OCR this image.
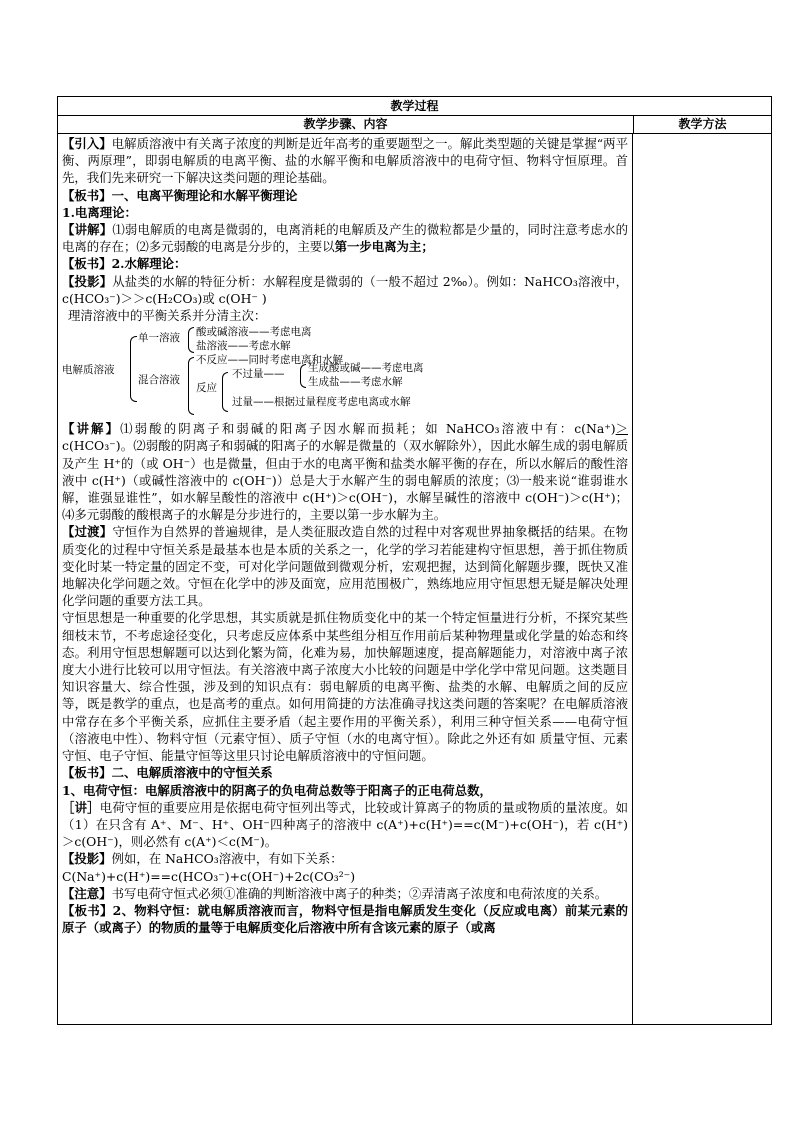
教学过程
教学步骤、内容	教学方法

【引入】电解质溶液中有关离子浓度的判断是近年高考的重要题型之一。解此类型题的关键是掌握“两平衡、两原理”，即弱电解质的电离平衡、盐的水解平衡和电解质溶液中的电荷守恒、物料守恒原理。首先，我们先来研究一下解决这类问题的理论基础。

【板书】一、电离平衡理论和水解平衡理论

1.电离理论：

【讲解】⑴弱电解质的电离是微弱的，电离消耗的电解质及产生的微粒都是少量的，同时注意考虑水的电离的存在；⑵多元弱酸的电离是分步的，主要以第一步电离为主；

【板书】2.水解理论：

【投影】从盐类的水解的特征分析：水解程度是微弱的（一般不超过 2‰）。例如：NaHCO₃溶液中，c(HCO₃⁻)＞＞c(H₂CO₃)或 c(OH⁻ )

理清溶液中的平衡关系并分清主次：

电解质溶液
单一溶液 酸或碱溶液——考虑电离
盐溶液——考虑水解
混合溶液
不反应——同时考虑电离和水解
反应
不过量—— 生成酸或碱——考虑电离
生成盐——考虑水解
过量——根据过量程度考虑电离或水解

【讲解】⑴弱酸的阴离子和弱碱的阳离子因水解而损耗；如 NaHCO₃溶液中有：c(Na⁺)＞c(HCO₃⁻)。⑵弱酸的阴离子和弱碱的阳离子的水解是微量的（双水解除外），因此水解生成的弱电解质及产生 H⁺的（或 OH⁻）也是微量，但由于水的电离平衡和盐类水解平衡的存在，所以水解后的酸性溶液中 c(H⁺)（或碱性溶液中的 c(OH⁻)）总是大于水解产生的弱电解质的浓度；⑶一般来说“谁弱谁水解，谁强显谁性”，如水解呈酸性的溶液中 c(H⁺)＞c(OH⁻)，水解呈碱性的溶液中 c(OH⁻)＞c(H⁺)；⑷多元弱酸的酸根离子的水解是分步进行的，主要以第一步水解为主。

【过渡】守恒作为自然界的普遍规律，是人类征服改造自然的过程中对客观世界抽象概括的结果。在物质变化的过程中守恒关系是最基本也是本质的关系之一，化学的学习若能建构守恒思想，善于抓住物质变化时某一特定量的固定不变，可对化学问题做到微观分析，宏观把握，达到简化解题步骤，既快又准地解决化学问题之效。守恒在化学中的涉及面宽，应用范围极广，熟练地应用守恒思想无疑是解决处理化学问题的重要方法工具。

守恒思想是一种重要的化学思想，其实质就是抓住物质变化中的某一个特定恒量进行分析，不探究某些细枝末节，不考虑途径变化，只考虑反应体系中某些组分相互作用前后某种物理量或化学量的始态和终态。利用守恒思想解题可以达到化繁为简，化难为易，加快解题速度，提高解题能力，对溶液中离子浓度大小进行比较可以用守恒法。有关溶液中离子浓度大小比较的问题是中学化学中常见问题。这类题目知识容量大、综合性强，涉及到的知识点有：弱电解质的电离平衡、盐类的水解、电解质之间的反应等，既是教学的重点，也是高考的重点。如何用简捷的方法准确寻找这类问题的答案呢？在电解质溶液中常存在多个平衡关系，应抓住主要矛盾（起主要作用的平衡关系），利用三种守恒关系——电荷守恒（溶液电中性）、物料守恒（元素守恒）、质子守恒（水的电离守恒）。除此之外还有如 质量守恒、元素守恒、电子守恒、能量守恒等这里只讨论电解质溶液中的守恒问题。

【板书】二、电解质溶液中的守恒关系

1、电荷守恒：电解质溶液中的阴离子的负电荷总数等于阳离子的正电荷总数，

［讲］电荷守恒的重要应用是依据电荷守恒列出等式，比较或计算离子的物质的量或物质的量浓度。如（1）在只含有 A⁺、M⁻、H⁺、OH⁻四种离子的溶液中 c(A⁺)+c(H⁺)==c(M⁻)+c(OH⁻)，若 c(H⁺)＞c(OH⁻)，则必然有 c(A⁺)＜c(M⁻)。

【投影】例如，在 NaHCO₃溶液中，有如下关系：

C(Na⁺)+c(H⁺)==c(HCO₃⁻)+c(OH⁻)+2c(CO₃²⁻)

【注意】书写电荷守恒式必须①准确的判断溶液中离子的种类；②弄清离子浓度和电荷浓度的关系。

【板书】2、物料守恒：就电解质溶液而言，物料守恒是指电解质发生变化（反应或电离）前某元素的原子（或离子）的物质的量等于电解质变化后溶液中所有含该元素的原子（或离
